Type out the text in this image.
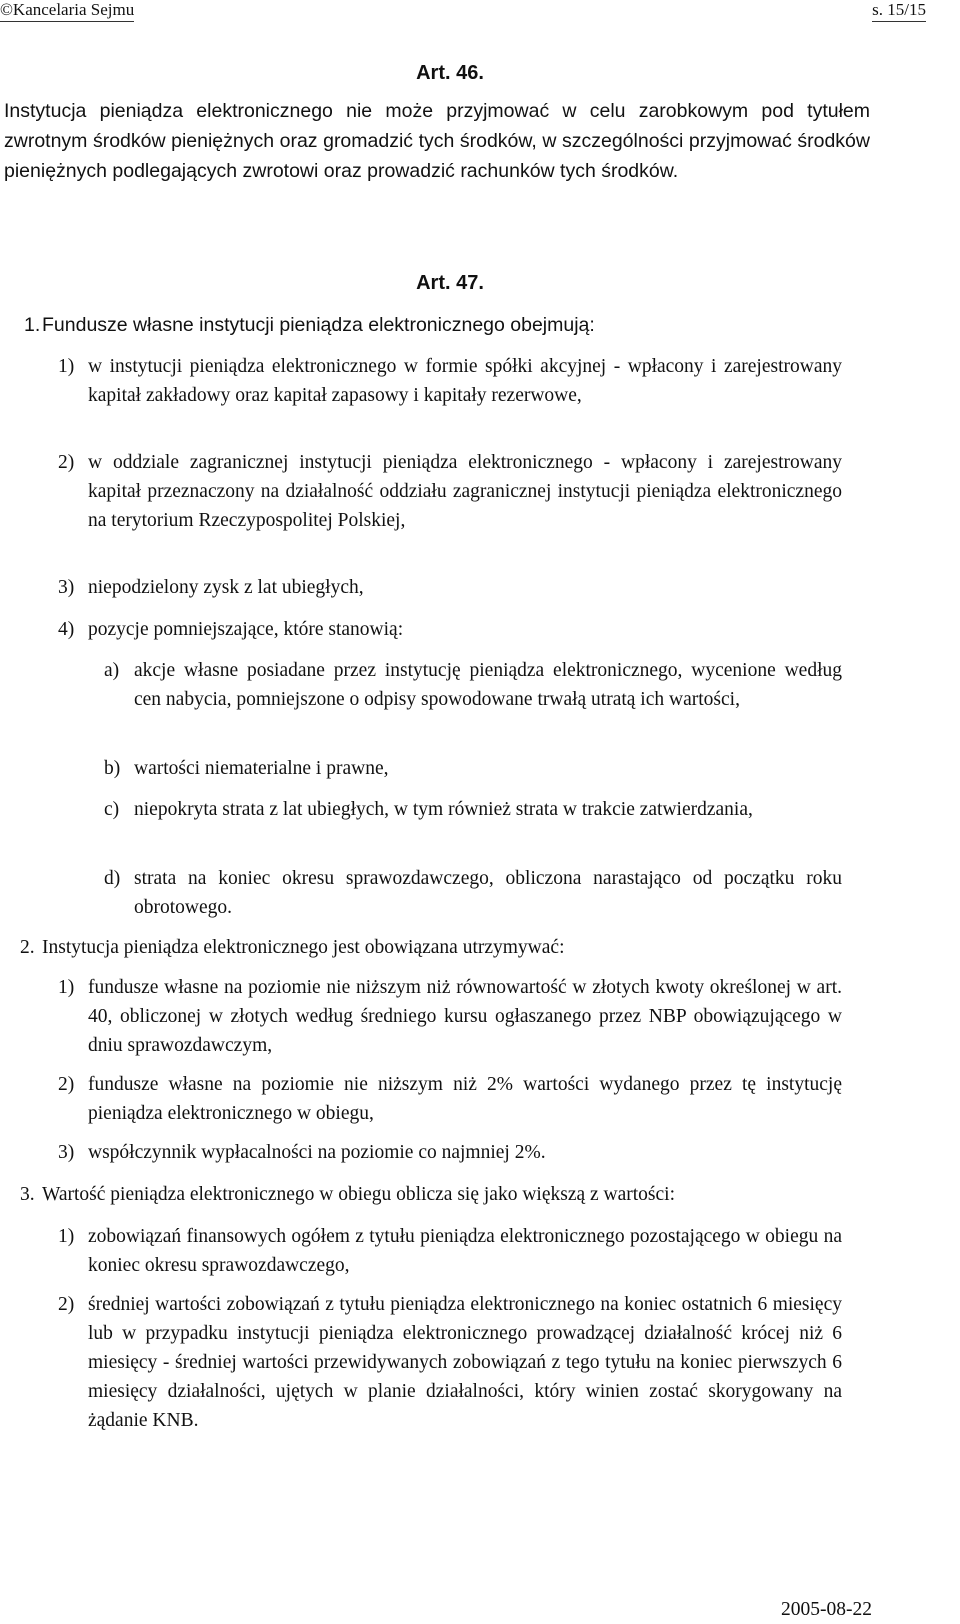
©Kancelaria Sejmu	s. 15/15
Art. 46.
Instytucja pieniądza elektronicznego nie może przyjmować w celu zarobkowym pod tytułem zwrotnym środków pieniężnych oraz gromadzić tych środków, w szczególności przyjmować środków pieniężnych podlegających zwrotowi oraz prowadzić rachunków tych środków.
Art. 47.
1. Fundusze własne instytucji pieniądza elektronicznego obejmują:
1) w instytucji pieniądza elektronicznego w formie spółki akcyjnej - wpłacony i zarejestrowany kapitał zakładowy oraz kapitał zapasowy i kapitały rezerwowe,
2) w oddziale zagranicznej instytucji pieniądza elektronicznego - wpłacony i zarejestrowany kapitał przeznaczony na działalność oddziału zagranicznej instytucji pieniądza elektronicznego na terytorium Rzeczypospolitej Polskiej,
3) niepodzielony zysk z lat ubiegłych,
4) pozycje pomniejszające, które stanowią:
a) akcje własne posiadane przez instytucję pieniądza elektronicznego, wycenione według cen nabycia, pomniejszone o odpisy spowodowane trwałą utratą ich wartości,
b) wartości niematerialne i prawne,
c) niepokryta strata z lat ubiegłych, w tym również strata w trakcie zatwierdzania,
d) strata na koniec okresu sprawozdawczego, obliczona narastająco od początku roku obrotowego.
2. Instytucja pieniądza elektronicznego jest obowiązana utrzymywać:
1) fundusze własne na poziomie nie niższym niż równowartość w złotych kwoty określonej w art. 40, obliczonej w złotych według średniego kursu ogłaszanego przez NBP obowiązującego w dniu sprawozdawczym,
2) fundusze własne na poziomie nie niższym niż 2% wartości wydanego przez tę instytucję pieniądza elektronicznego w obiegu,
3) współczynnik wypłacalności na poziomie co najmniej 2%.
3. Wartość pieniądza elektronicznego w obiegu oblicza się jako większą z wartości:
1) zobowiązań finansowych ogółem z tytułu pieniądza elektronicznego pozostającego w obiegu na koniec okresu sprawozdawczego,
2) średniej wartości zobowiązań z tytułu pieniądza elektronicznego na koniec ostatnich 6 miesięcy lub w przypadku instytucji pieniądza elektronicznego prowadzącej działalność krócej niż 6 miesięcy - średniej wartości przewidywanych zobowiązań z tego tytułu na koniec pierwszych 6 miesięcy działalności, ujętych w planie działalności, który winien zostać skorygowany na żądanie KNB.
2005-08-22
